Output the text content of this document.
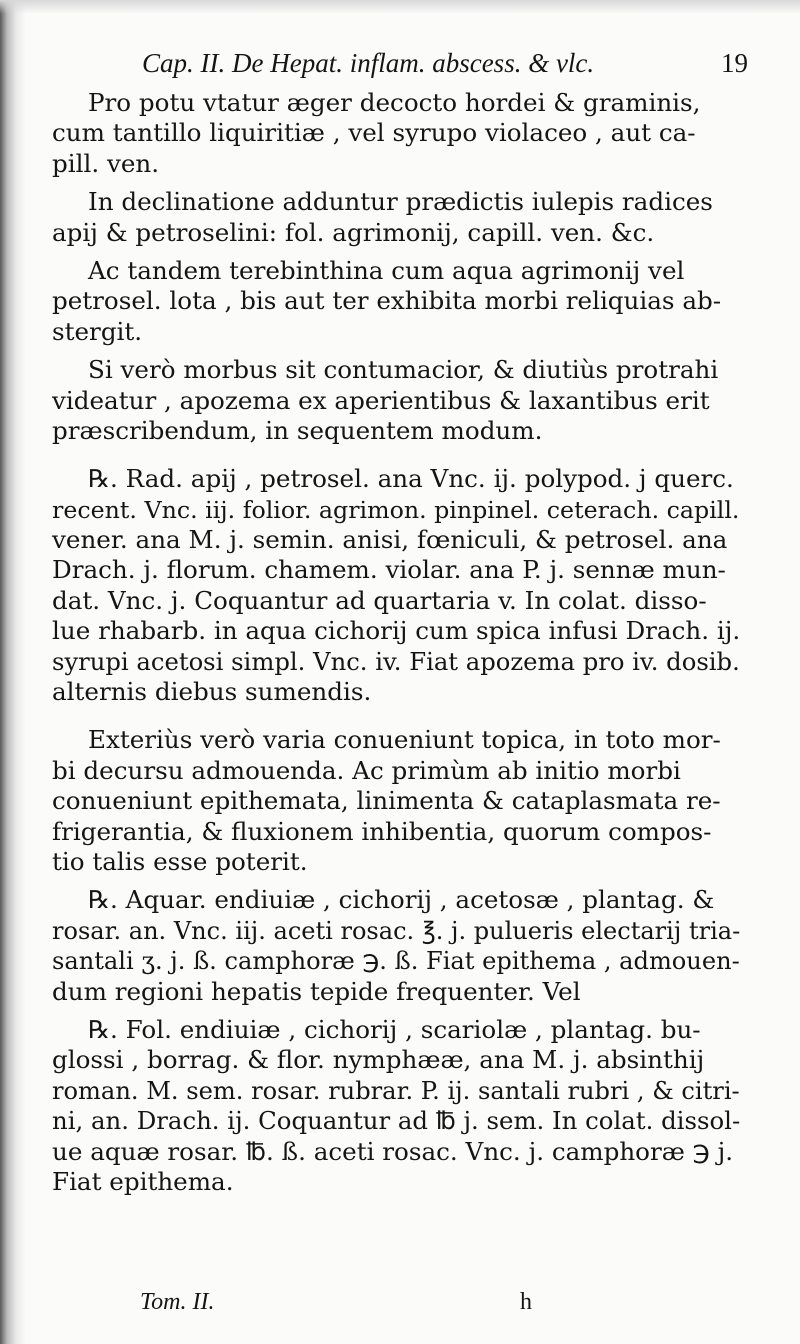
Cap. II. De Hepat. inflam. abscess. & vlc.	19
Pro potu vtatur æger decocto hordei & graminis,
cum tantillo liquiritiæ , vel syrupo violaceo , aut ca-
pill. ven.
In declinatione adduntur prædictis iulepis radices
apij & petroselini: fol. agrimonij, capill. ven. &c.
Ac tandem terebinthina cum aqua agrimonij vel
petrosel. lota , bis aut ter exhibita morbi reliquias ab-
stergit.
Si verò morbus sit contumacior, & diutiùs protrahi
videatur , apozema ex aperientibus & laxantibus erit
præscribendum, in sequentem modum.
℞. Rad. apij , petrosel. ana Vnc. ij. polypod. j querc.
recent. Vnc. iij. folior. agrimon. pinpinel. ceterach. capill.
vener. ana M. j. semin. anisi, fœniculi, & petrosel. ana
Drach. j. florum. chamem. violar. ana P. j. sennæ mun-
dat. Vnc. j. Coquantur ad quartaria v. In colat. disso-
lue rhabarb. in aqua cichorij cum spica infusi Drach. ij.
syrupi acetosi simpl. Vnc. iv. Fiat apozema pro iv. dosib.
alternis diebus sumendis.
Exteriùs verò varia conueniunt topica, in toto mor-
bi decursu admouenda. Ac primùm ab initio morbi
conueniunt epithemata, linimenta & cataplasmata re-
frigerantia, & fluxionem inhibentia, quorum compos-
tio talis esse poterit.
℞. Aquar. endiuiæ , cichorij , acetosæ , plantag. &
rosar. an. Vnc. iij. aceti rosac. ℥. j. pulueris electarij tria-
santali ʒ. j. ß. camphoræ ℈. ß. Fiat epithema , admouen-
dum regioni hepatis tepide frequenter. Vel
℞. Fol. endiuiæ , cichorij , scariolæ , plantag. bu-
glossi , borrag. & flor. nymphææ, ana M. j. absinthij
roman. M. sem. rosar. rubrar. P. ij. santali rubri , & citri-
ni, an. Drach. ij. Coquantur ad ℔ j. sem. In colat. dissol-
ue aquæ rosar. ℔. ß. aceti rosac. Vnc. j. camphoræ ℈ j.
Fiat epithema.
Tom. II.	h
